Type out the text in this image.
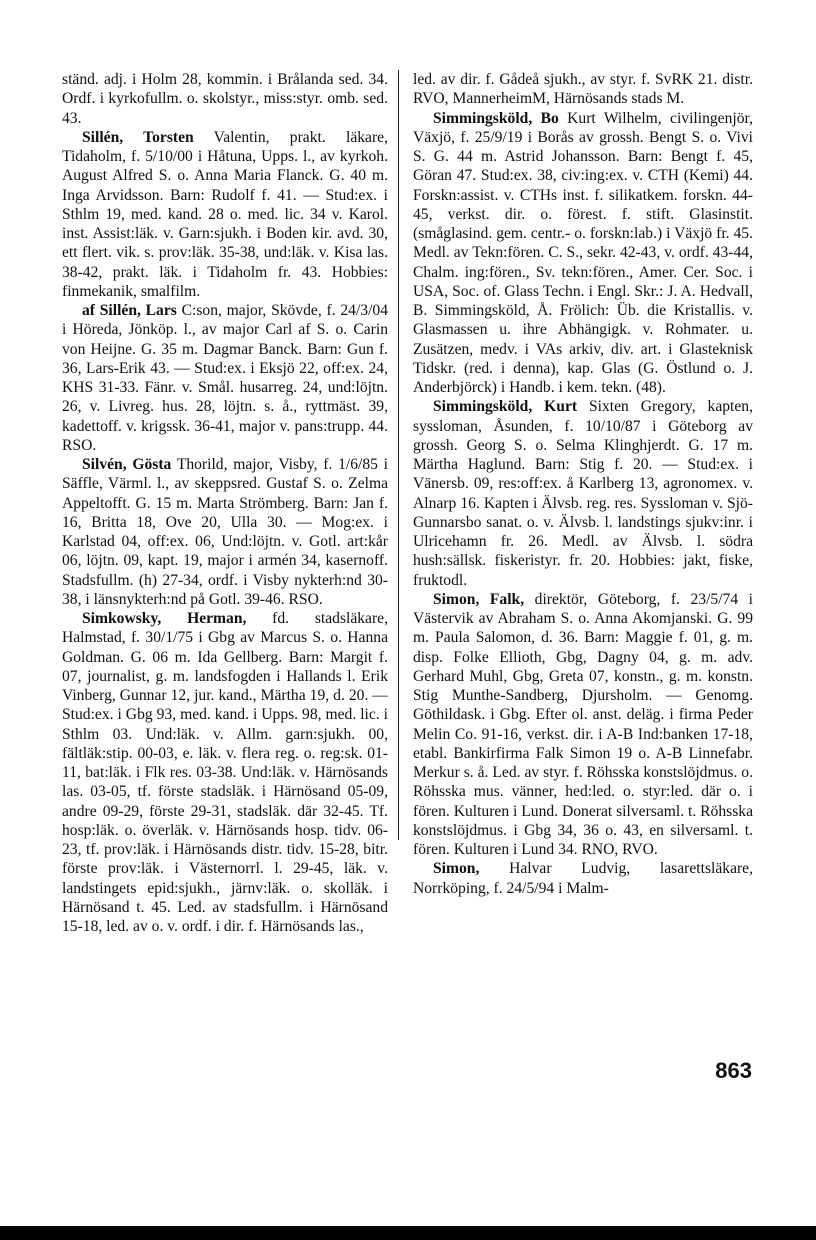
ständ. adj. i Holm 28, kommin. i Brålanda sed. 34. Ordf. i kyrkofullm. o. skolstyr., miss:styr. omb. sed. 43.

Sillén, Torsten Valentin, prakt. läkare, Tidaholm, f. 5/10/00 i Håtuna, Upps. l., av kyrkoh. August Alfred S. o. Anna Maria Flanck. G. 40 m. Inga Arvidsson. Barn: Rudolf f. 41. — Stud:ex. i Sthlm 19, med. kand. 28 o. med. lic. 34 v. Karol. inst. Assist:läk. v. Garn:sjukh. i Boden kir. avd. 30, ett flert. vik. s. prov:läk. 35-38, und:läk. v. Kisa las. 38-42, prakt. läk. i Tidaholm fr. 43. Hobbies: finmekanik, smalfilm.

af Sillén, Lars C:son, major, Skövde, f. 24/3/04 i Höreda, Jönköp. l., av major Carl af S. o. Carin von Heijne. G. 35 m. Dagmar Banck. Barn: Gun f. 36, Lars-Erik 43. — Stud:ex. i Eksjö 22, off:ex. 24, KHS 31-33. Fänr. v. Smål. husarreg. 24, und:löjtn. 26, v. Livreg. hus. 28, löjtn. s. å., ryttmäst. 39, kadettoff. v. krigssk. 36-41, major v. pans:trupp. 44. RSO.

Silvén, Gösta Thorild, major, Visby, f. 1/6/85 i Säffle, Värml. l., av skeppsred. Gustaf S. o. Zelma Appeltofft. G. 15 m. Marta Strömberg. Barn: Jan f. 16, Britta 18, Ove 20, Ulla 30. — Mog:ex. i Karlstad 04, off:ex. 06, Und:löjtn. v. Gotl. art:kår 06, löjtn. 09, kapt. 19, major i armén 34, kasernoff. Stadsfullm. (h) 27-34, ordf. i Visby nykterh:nd 30-38, i länsnykterh:nd på Gotl. 39-46. RSO.

Simkowsky, Herman, fd. stadsläkare, Halmstad, f. 30/1/75 i Gbg av Marcus S. o. Hanna Goldman. G. 06 m. Ida Gellberg. Barn: Margit f. 07, journalist, g. m. landsfogden i Hallands l. Erik Vinberg, Gunnar 12, jur. kand., Märtha 19, d. 20. — Stud:ex. i Gbg 93, med. kand. i Upps. 98, med. lic. i Sthlm 03. Und:läk. v. Allm. garn:sjukh. 00, fältläk:stip. 00-03, e. läk. v. flera reg. o. reg:sk. 01-11, bat:läk. i Flk res. 03-38. Und:läk. v. Härnösands las. 03-05, tf. förste stadsläk. i Härnösand 05-09, andre 09-29, förste 29-31, stadsläk. där 32-45. Tf. hosp:läk. o. överläk. v. Härnösands hosp. tidv. 06-23, tf. prov:läk. i Härnösands distr. tidv. 15-28, bitr. förste prov:läk. i Västernorrl. l. 29-45, läk. v. landstingets epid:sjukh., järnv:läk. o. skolläk. i Härnösand t. 45. Led. av stadsfullm. i Härnösand 15-18, led. av o. v. ordf. i dir. f. Härnösands las.,

led. av dir. f. Gådeå sjukh., av styr. f. SvRK 21. distr. RVO, MannerheimM, Härnösands stads M.

Simmingsköld, Bo Kurt Wilhelm, civilingenjör, Växjö, f. 25/9/19 i Borås av grossh. Bengt S. o. Vivi S. G. 44 m. Astrid Johansson. Barn: Bengt f. 45, Göran 47. Stud:ex. 38, civ:ing:ex. v. CTH (Kemi) 44. Forskn:assist. v. CTHs inst. f. silikatkem. forskn. 44-45, verkst. dir. o. förest. f. stift. Glasinstit. (småglasind. gem. centr.- o. forskn:lab.) i Växjö fr. 45. Medl. av Tekn:fören. C. S., sekr. 42-43, v. ordf. 43-44, Chalm. ing:fören., Sv. tekn:fören., Amer. Cer. Soc. i USA, Soc. of. Glass Techn. i Engl. Skr.: J. A. Hedvall, B. Simmingsköld, Å. Frölich: Üb. die Kristallis. v. Glasmassen u. ihre Abhängigk. v. Rohmater. u. Zusätzen, medv. i VAs arkiv, div. art. i Glasteknisk Tidskr. (red. i denna), kap. Glas (G. Östlund o. J. Anderbjörck) i Handb. i kem. tekn. (48).

Simmingsköld, Kurt Sixten Gregory, kapten, syssloman, Åsunden, f. 10/10/87 i Göteborg av grossh. Georg S. o. Selma Klinghjerdt. G. 17 m. Märtha Haglund. Barn: Stig f. 20. — Stud:ex. i Vänersb. 09, res:off:ex. å Karlberg 13, agronomex. v. Alnarp 16. Kapten i Älvsb. reg. res. Syssloman v. Sjö-Gunnarsbo sanat. o. v. Älvsb. l. landstings sjukv:inr. i Ulricehamn fr. 26. Medl. av Älvsb. l. södra hush:sällsk. fiskeristyr. fr. 20. Hobbies: jakt, fiske, fruktodl.

Simon, Falk, direktör, Göteborg, f. 23/5/74 i Västervik av Abraham S. o. Anna Akomjanski. G. 99 m. Paula Salomon, d. 36. Barn: Maggie f. 01, g. m. disp. Folke Ellioth, Gbg, Dagny 04, g. m. adv. Gerhard Muhl, Gbg, Greta 07, konstn., g. m. konstn. Stig Munthe-Sandberg, Djursholm. — Genomg. Göthildask. i Gbg. Efter ol. anst. deläg. i firma Peder Melin Co. 91-16, verkst. dir. i A-B Ind:banken 17-18, etabl. Bankirfirma Falk Simon 19 o. A-B Linnefabr. Merkur s. å. Led. av styr. f. Röhsska konstslöjdmus. o. Röhsska mus. vänner, hed:led. o. styr:led. där o. i fören. Kulturen i Lund. Donerat silversaml. t. Röhsska konstslöjdmus. i Gbg 34, 36 o. 43, en silversaml. t. fören. Kulturen i Lund 34. RNO, RVO.

Simon, Halvar Ludvig, lasarettsläkare, Norrköping, f. 24/5/94 i Malm-

863
